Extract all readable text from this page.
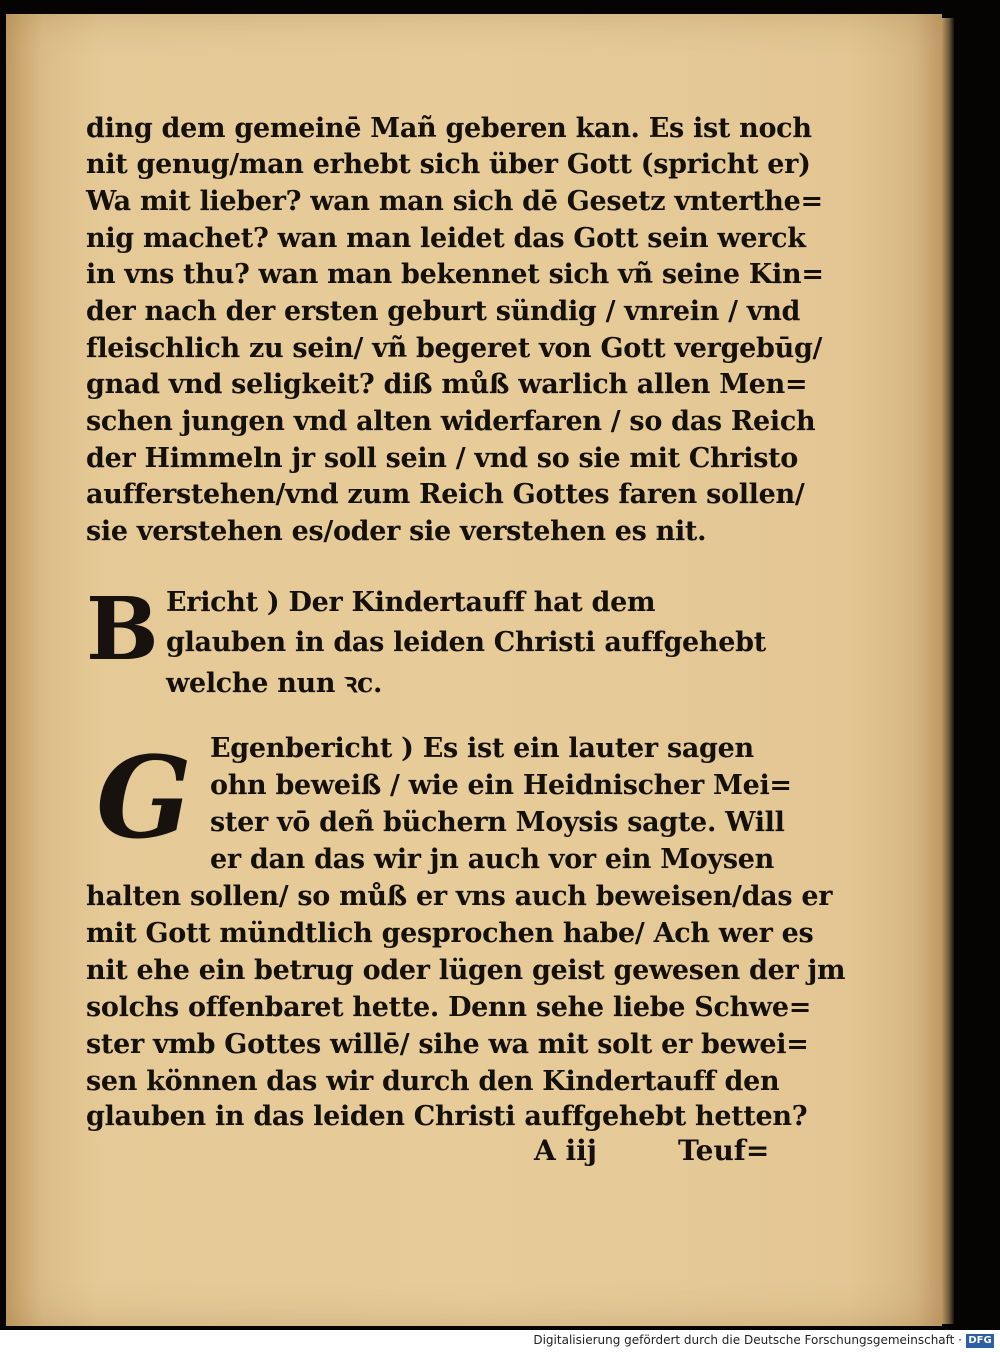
ding dem gemeinē Mañ geberen kan. Es ist noch
nit genug/man erhebt sich über Gott (spricht er)
Wa mit lieber? wan man sich dē Gesetz vnterthe=
nig machet? wan man leidet das Gott sein werck
in vns thu? wan man bekennet sich vñ seine Kin=
der nach der ersten geburt sündig / vnrein / vnd
fleischlich zu sein/ vñ begeret von Gott vergebūg/
gnad vnd seligkeit? diß můß warlich allen Men=
schen jungen vnd alten widerfaren / so das Reich
der Himmeln jr soll sein / vnd so sie mit Christo
aufferstehen/vnd zum Reich Gottes faren sollen/
sie verstehen es/oder sie verstehen es nit.
B Ericht ) Der Kindertauff hat dem
glauben in das leiden Christi auffgehebt
welche nun ꝛc.
G Egenbericht ) Es ist ein lauter sagen
ohn beweiß / wie ein Heidnischer Mei=
ster vō deñ büchern Moysis sagte. Will
er dan das wir jn auch vor ein Moysen
halten sollen/ so můß er vns auch beweisen/das er
mit Gott mündtlich gesprochen habe/ Ach wer es
nit ehe ein betrug oder lügen geist gewesen der jm
solchs offenbaret hette. Denn sehe liebe Schwe=
ster vmb Gottes willē/ sihe wa mit solt er bewei=
sen können das wir durch den Kindertauff den
glauben in das leiden Christi auffgehebt hetten?
A iij	Teuf=
Digitalisierung gefördert durch die Deutsche Forschungsgemeinschaft · DFG
